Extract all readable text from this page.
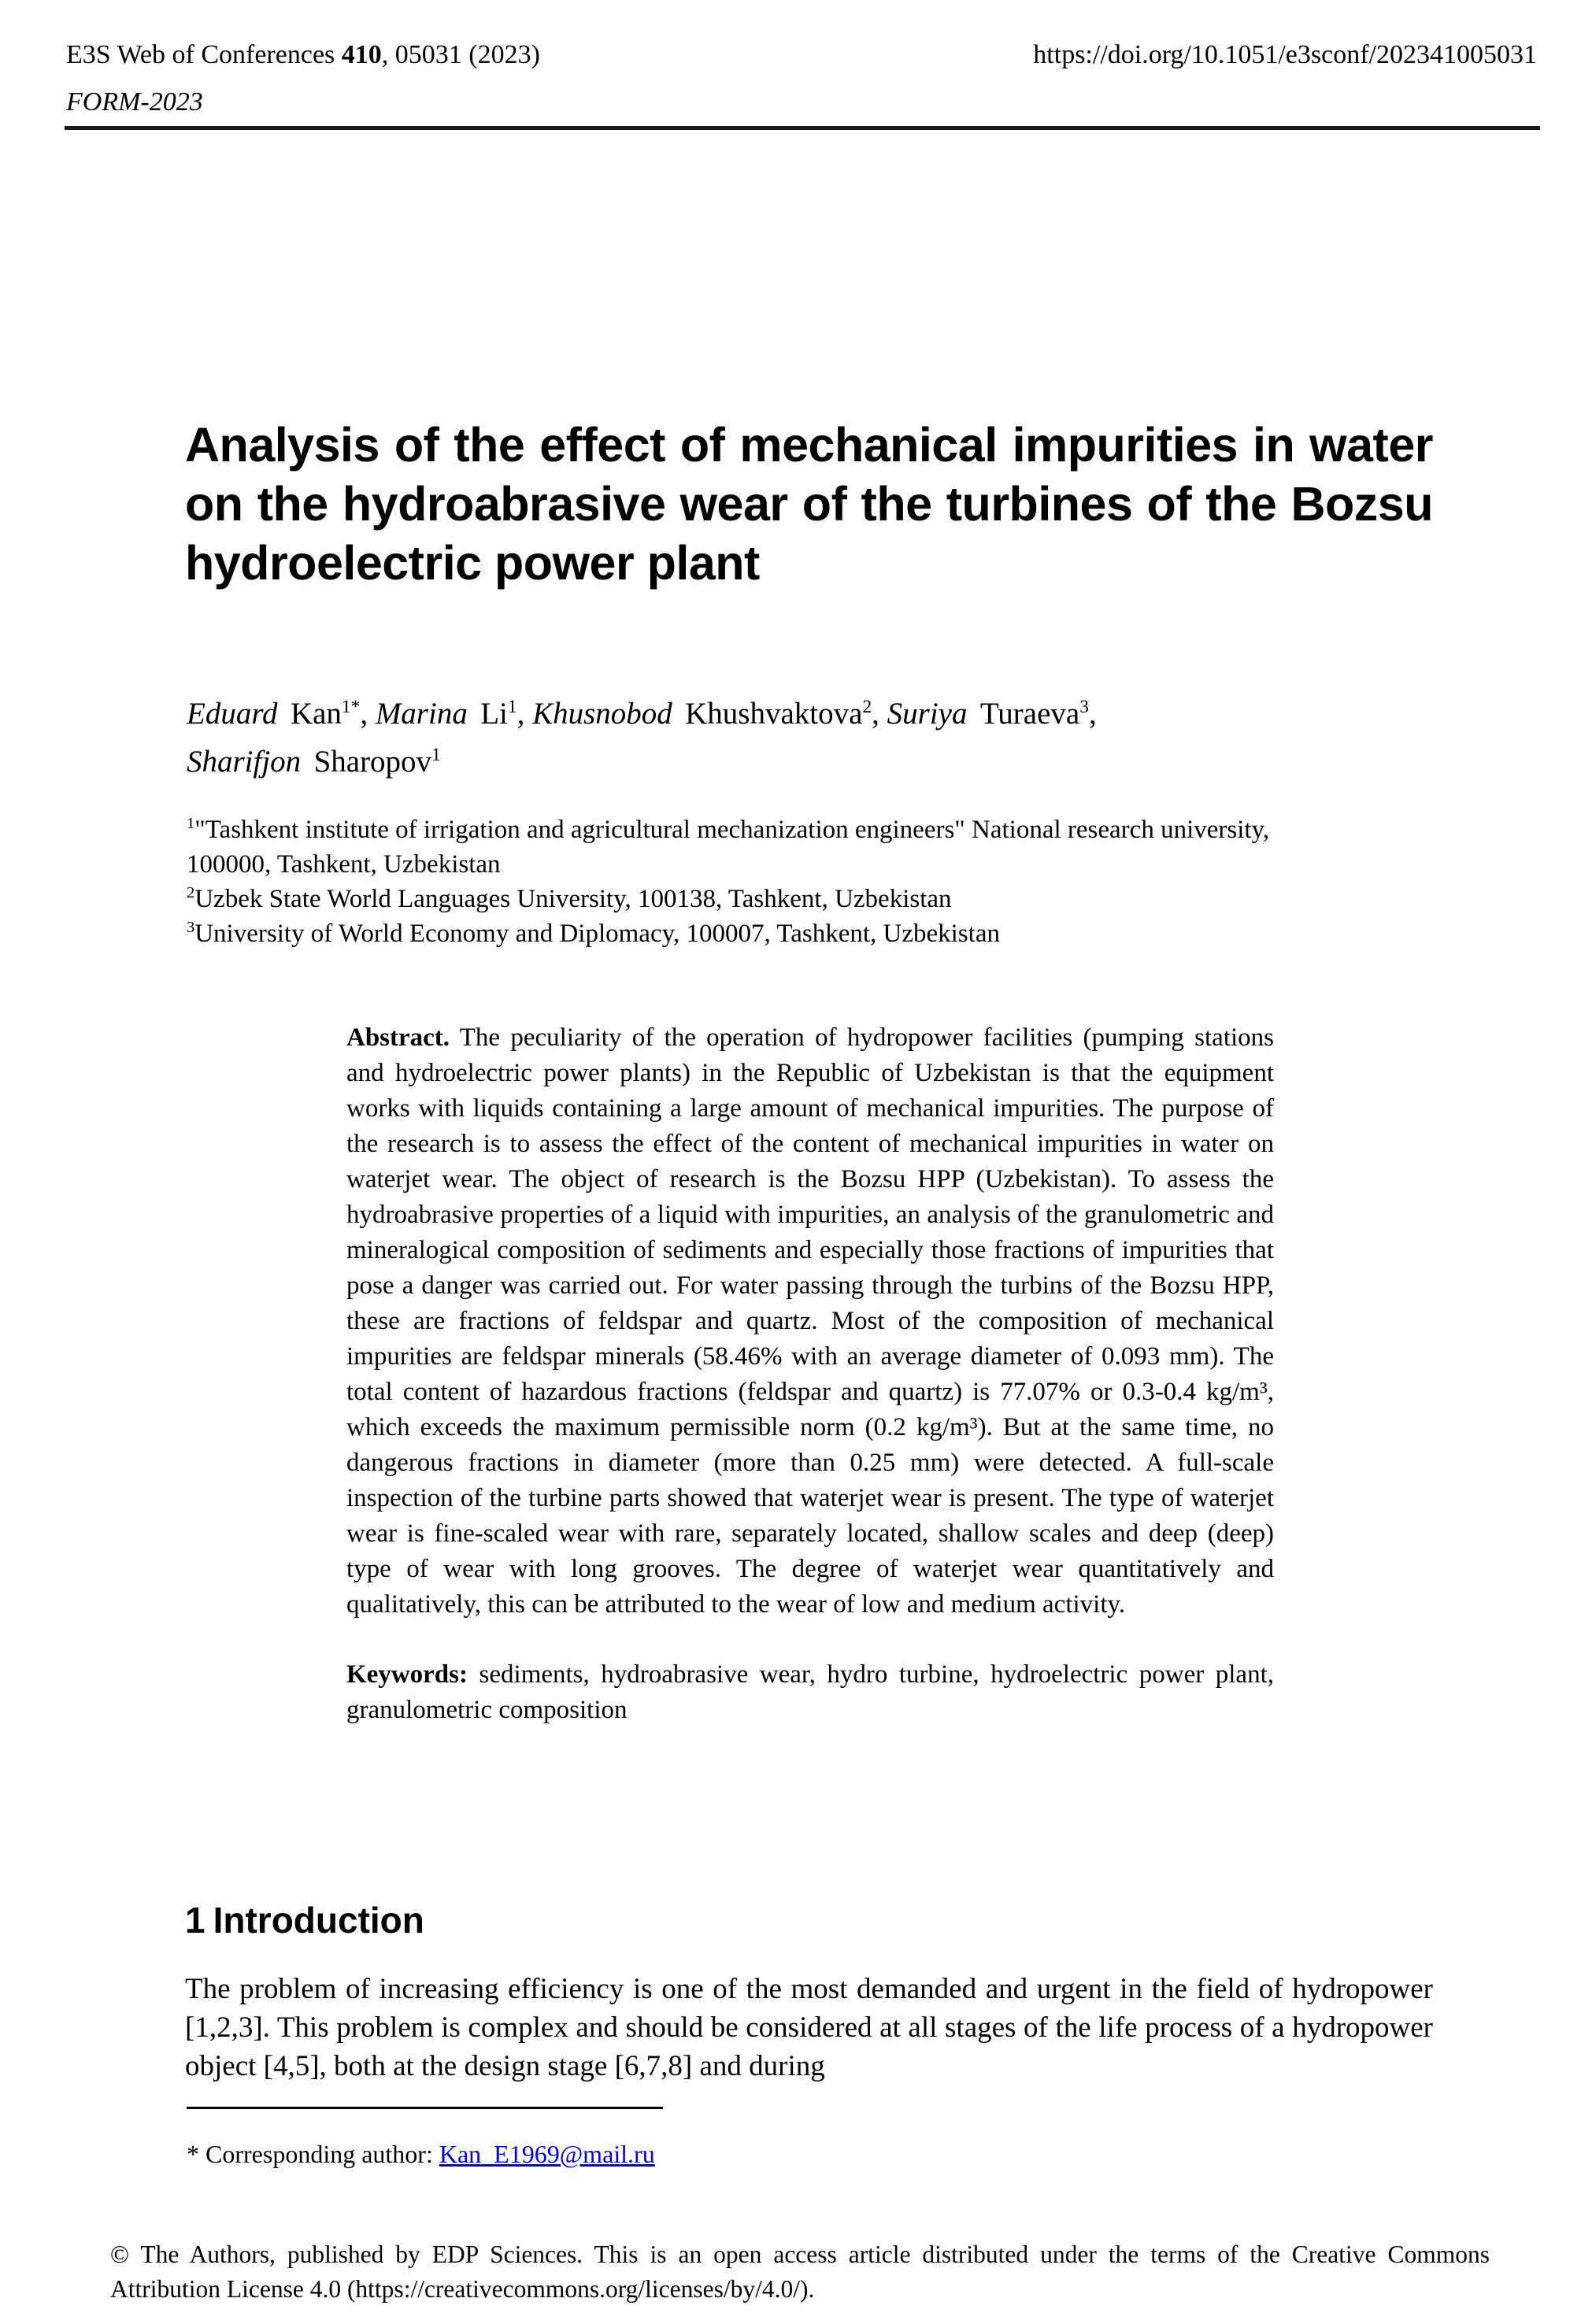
E3S Web of Conferences 410, 05031 (2023)

FORM-2023

https://doi.org/10.1051/e3sconf/202341005031

Analysis of the effect of mechanical impurities in water on the hydroabrasive wear of the turbines of the Bozsu hydroelectric power plant

Eduard Kan$^{1*}$, Marina Li$^1$, Khusnobod Khushvaktova$^2$, Suriya Turaeva$^3$, Sharifjon Sharopov$^1$

$^1$"Tashkent institute of irrigation and agricultural mechanization engineers" National research university, 100000, Tashkent, Uzbekistan

$^2$Uzbek State World Languages University, 100138, Tashkent, Uzbekistan

$^3$University of World Economy and Diplomacy, 100007, Tashkent, Uzbekistan

Abstract. The peculiarity of the operation of hydropower facilities (pumping stations and hydroelectric power plants) in the Republic of Uzbekistan is that the equipment works with liquids containing a large amount of mechanical impurities. The purpose of the research is to assess the effect of the content of mechanical impurities in water on waterjet wear. The object of research is the Bozsu HPP (Uzbekistan). To assess the hydroabrasive properties of a liquid with impurities, an analysis of the granulometric and mineralogical composition of sediments and especially those fractions of impurities that pose a danger was carried out. For water passing through the turbins of the Bozsu HPP, these are fractions of feldspar and quartz. Most of the composition of mechanical impurities are feldspar minerals (58.46% with an average diameter of 0.093 mm). The total content of hazardous fractions (feldspar and quartz) is 77.07% or 0.3-0.4 kg/m³, which exceeds the maximum permissible norm (0.2 kg/m³). But at the same time, no dangerous fractions in diameter (more than 0.25 mm) were detected. A full-scale inspection of the turbine parts showed that waterjet wear is present. The type of waterjet wear is fine-scaled wear with rare, separately located, shallow scales and deep (deep) type of wear with long grooves. The degree of waterjet wear quantitatively and qualitatively, this can be attributed to the wear of low and medium activity.

Keywords: sediments, hydroabrasive wear, hydro turbine, hydroelectric power plant, granulometric composition

1 Introduction

The problem of increasing efficiency is one of the most demanded and urgent in the field of hydropower [1,2,3]. This problem is complex and should be considered at all stages of the life process of a hydropower object [4,5], both at the design stage [6,7,8] and during

* Corresponding author: Kan_E1969@mail.ru

© The Authors, published by EDP Sciences. This is an open access article distributed under the terms of the Creative Commons Attribution License 4.0 (https://creativecommons.org/licenses/by/4.0/).
